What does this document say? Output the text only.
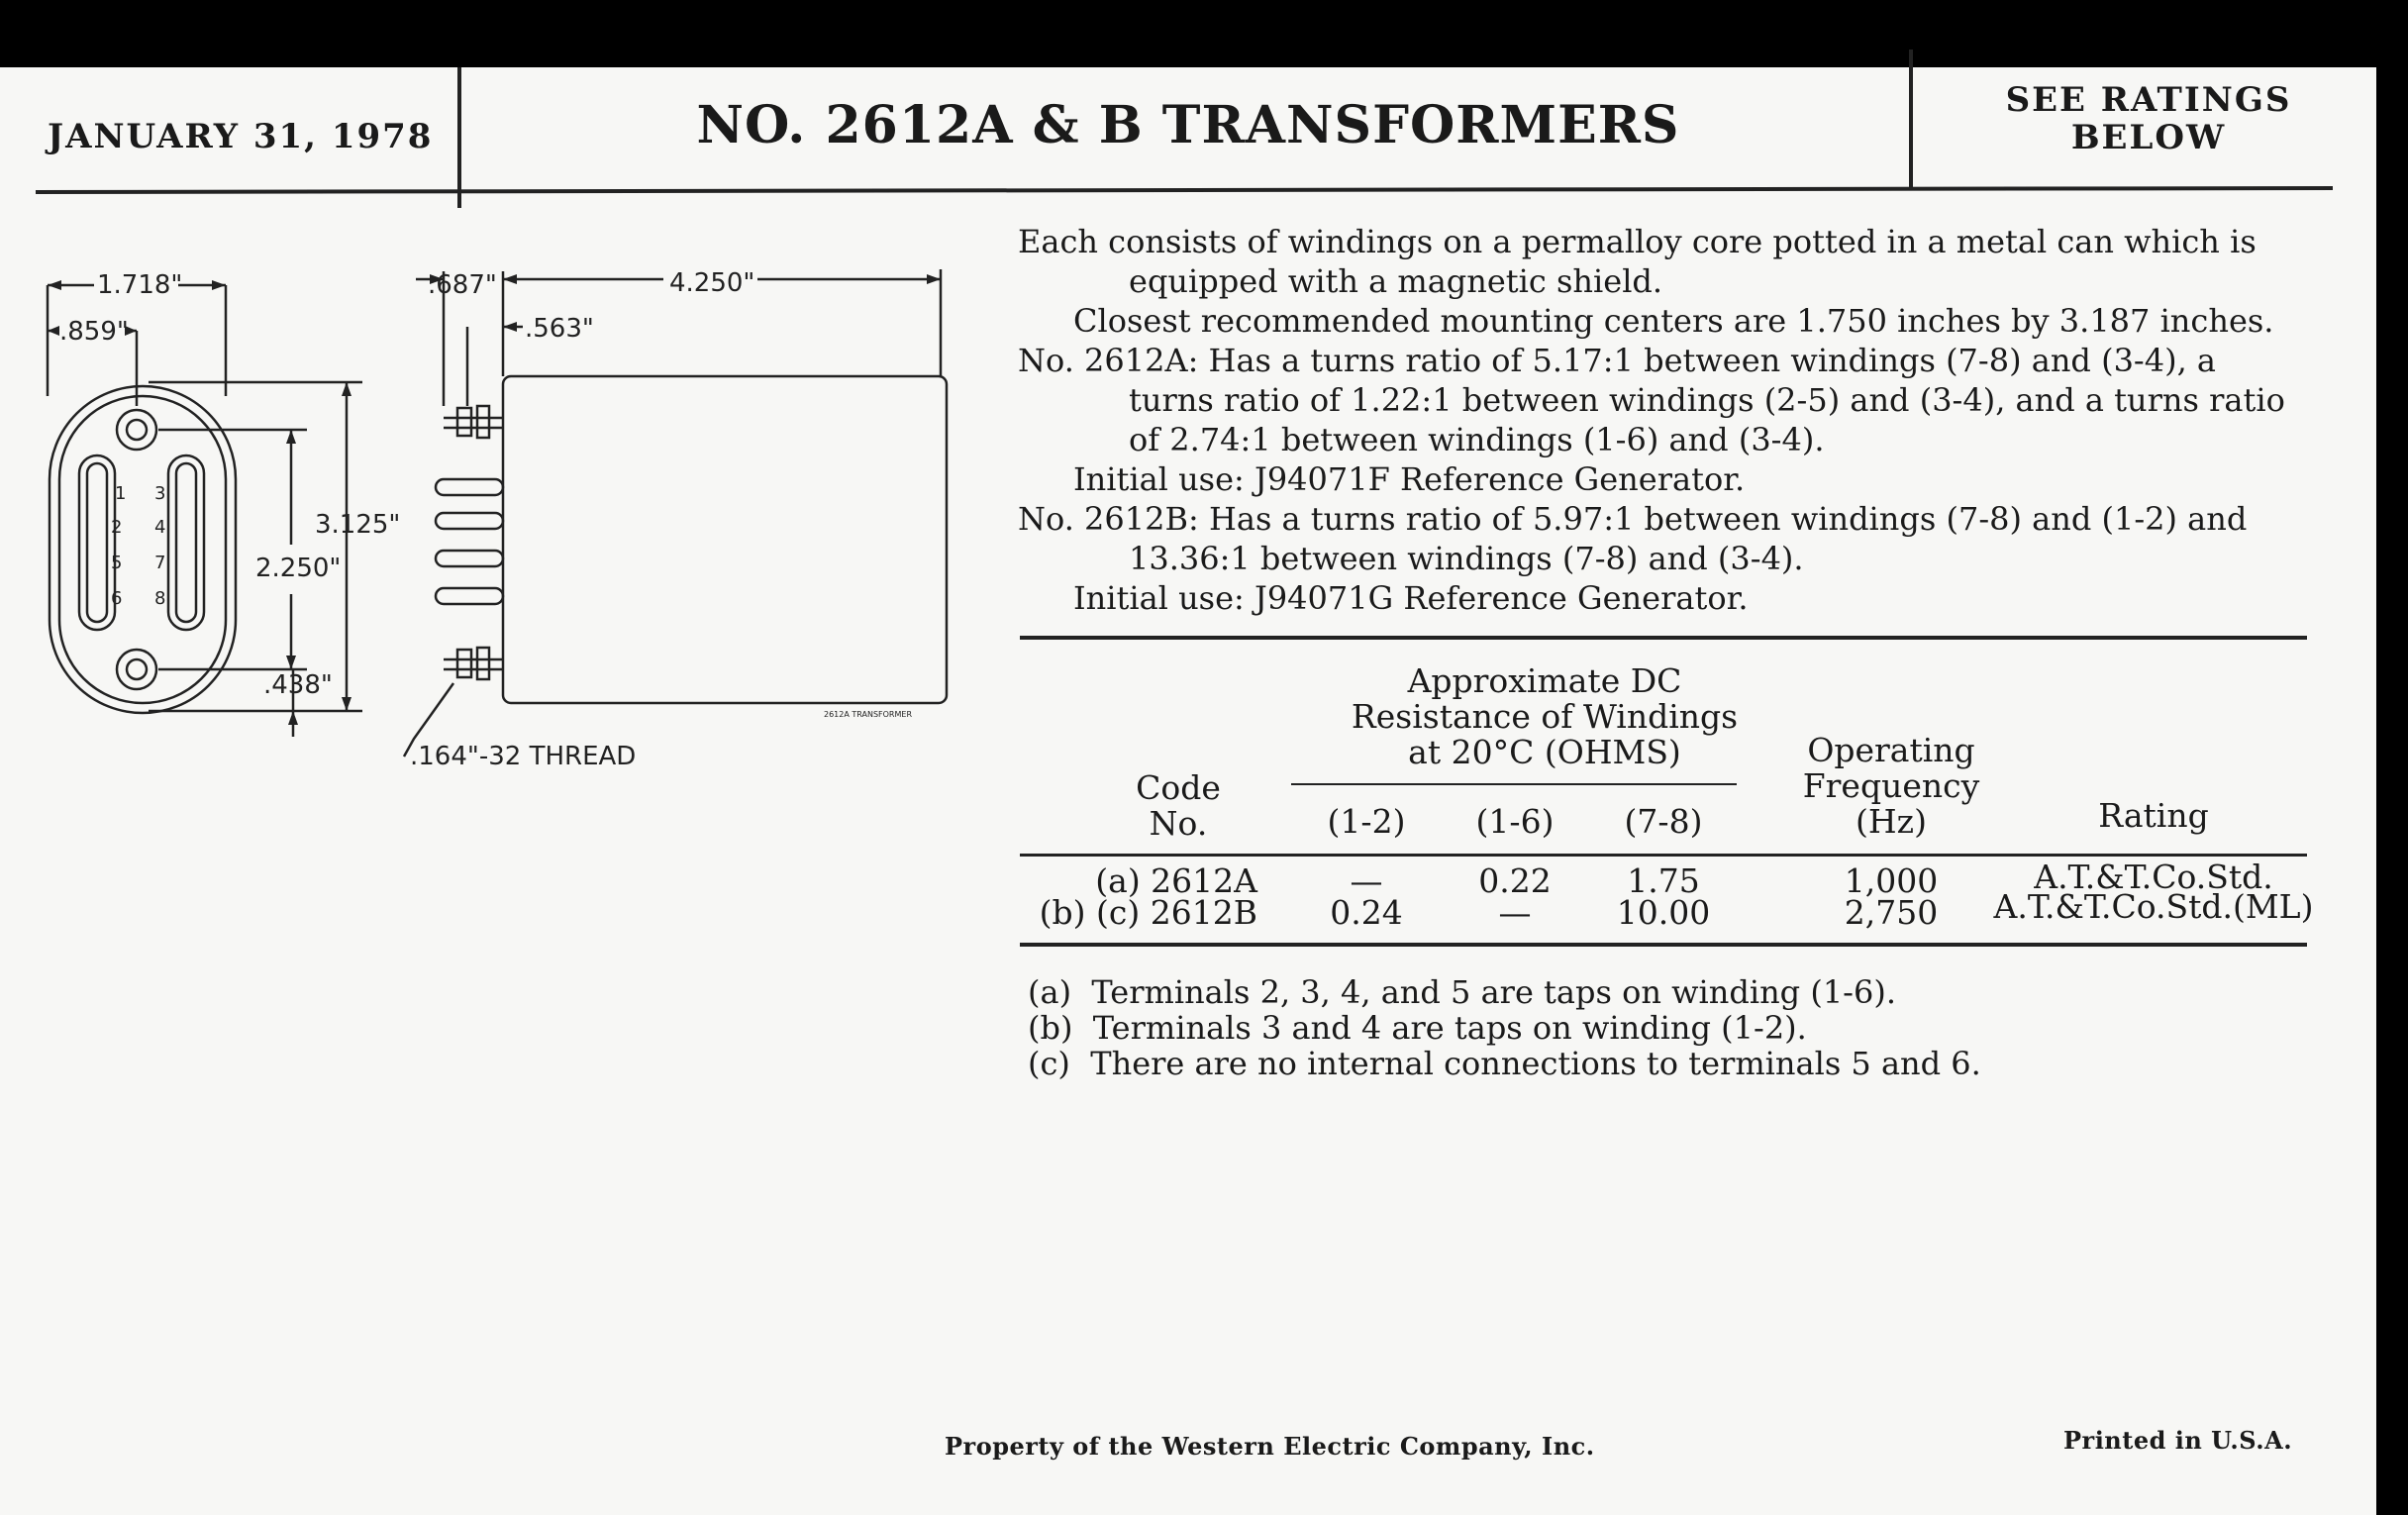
JANUARY 31, 1978	NO. 2612A & B TRANSFORMERS	SEE RATINGS
BELOW
1.718"
.859"
3.125"
2.250"
.438"
.687"	4.250"
.563"
.164"-32 THREAD
2612A TRANSFORMER
1
2
5
6
3
4
7
8

Each consists of windings on a permalloy core potted in a metal can which is equipped with a magnetic shield.

Closest recommended mounting centers are 1.750 inches by 3.187 inches.

No. 2612A: Has a turns ratio of 5.17:1 between windings (7-8) and (3-4), a turns ratio of 1.22:1 between windings (2-5) and (3-4), and a turns ratio of 2.74:1 between windings (1-6) and (3-4).

Initial use: J94071F Reference Generator.

No. 2612B: Has a turns ratio of 5.97:1 between windings (7-8) and (1-2) and 13.36:1 between windings (7-8) and (3-4).

Initial use: J94071G Reference Generator.

Approximate DC
Resistance of Windings
at 20°C (OHMS)
Code
No.	(1-2)	(1-6)	(7-8)
Operating
Frequency
(Hz)	Rating
(a) 2612A	—	0.22	1.75	1,000	A.T.&T.Co.Std.
(b) (c) 2612B	0.24	—	10.00	2,750	A.T.&T.Co.Std.(ML)
(a)  Terminals 2, 3, 4, and 5 are taps on winding (1-6).
(b)  Terminals 3 and 4 are taps on winding (1-2).
(c)  There are no internal connections to terminals 5 and 6.
Property of the Western Electric Company, Inc.	Printed in U.S.A.
